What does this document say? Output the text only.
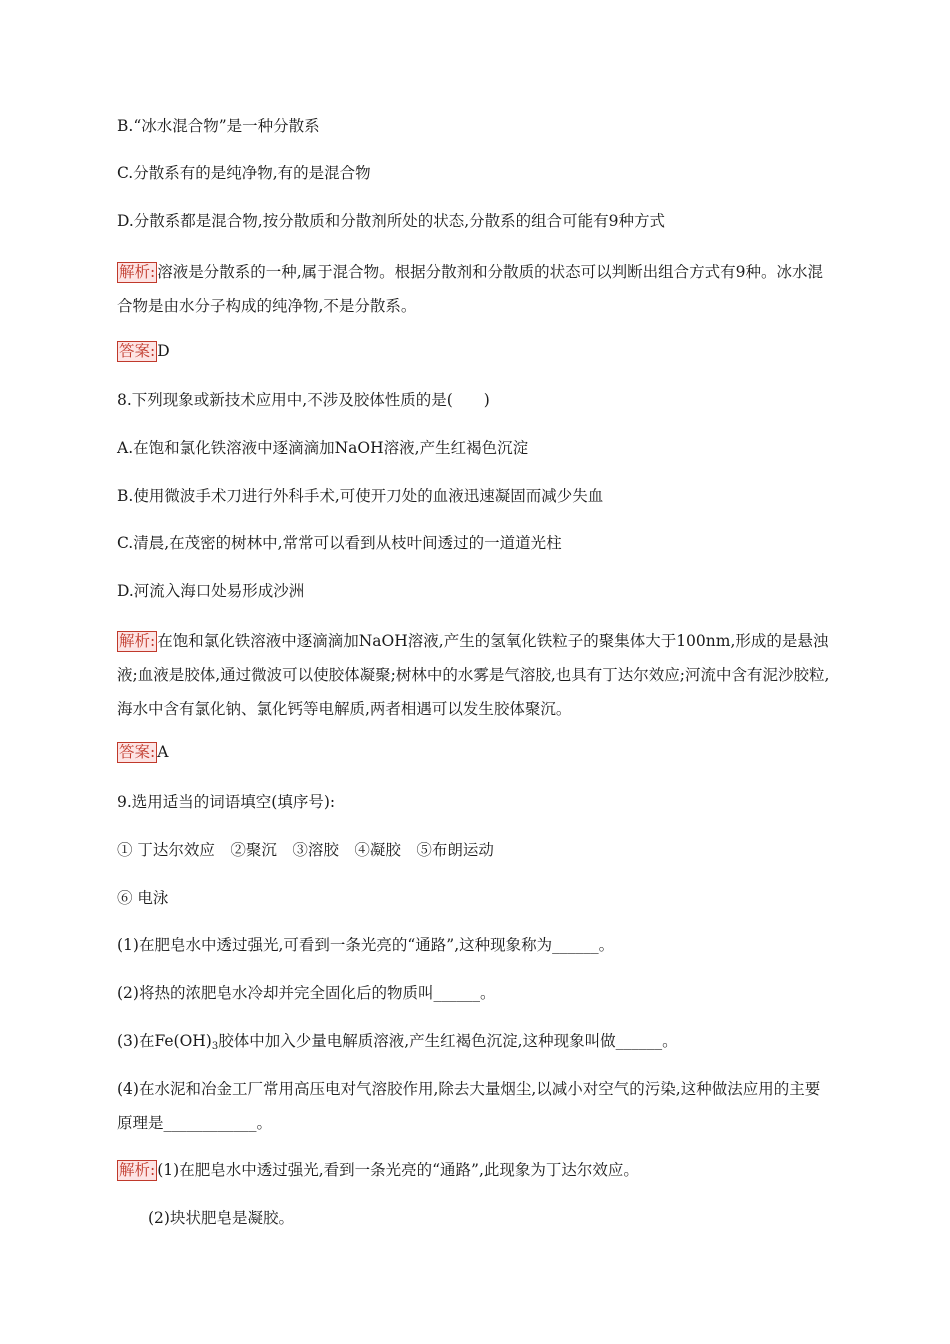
B.“冰水混合物”是一种分散系
C.分散系有的是纯净物,有的是混合物
D.分散系都是混合物,按分散质和分散剂所处的状态,分散系的组合可能有9种方式
解析: 溶液是分散系的一种,属于混合物。根据分散剂和分散质的状态可以判断出组合方式有9种。冰水混合物是由水分子构成的纯净物,不是分散系。
答案: D
8.下列现象或新技术应用中,不涉及胶体性质的是(　　)
A.在饱和氯化铁溶液中逐滴滴加NaOH溶液,产生红褐色沉淀
B.使用微波手术刀进行外科手术,可使开刀处的血液迅速凝固而减少失血
C.清晨,在茂密的树林中,常常可以看到从枝叶间透过的一道道光柱
D.河流入海口处易形成沙洲
解析: 在饱和氯化铁溶液中逐滴滴加NaOH溶液,产生的氢氧化铁粒子的聚集体大于100nm,形成的是悬浊液;血液是胶体,通过微波可以使胶体凝聚;树林中的水雾是气溶胶,也具有丁达尔效应;河流中含有泥沙胶粒,海水中含有氯化钠、氯化钙等电解质,两者相遇可以发生胶体聚沉。
答案: A
9.选用适当的词语填空(填序号):
① 丁达尔效应　②聚沉　③溶胶　④凝胶　⑤布朗运动
⑥ 电泳
(1)在肥皂水中透过强光,可看到一条光亮的“通路”,这种现象称为______。
(2)将热的浓肥皂水冷却并完全固化后的物质叫______。
(3)在$Fe(OH)_3$胶体中加入少量电解质溶液,产生红褐色沉淀,这种现象叫做______。
(4)在水泥和冶金工厂常用高压电对气溶胶作用,除去大量烟尘,以减小对空气的污染,这种做法应用的主要原理是____________。
解析: (1)在肥皂水中透过强光,看到一条光亮的“通路”,此现象为丁达尔效应。
(2)块状肥皂是凝胶。
